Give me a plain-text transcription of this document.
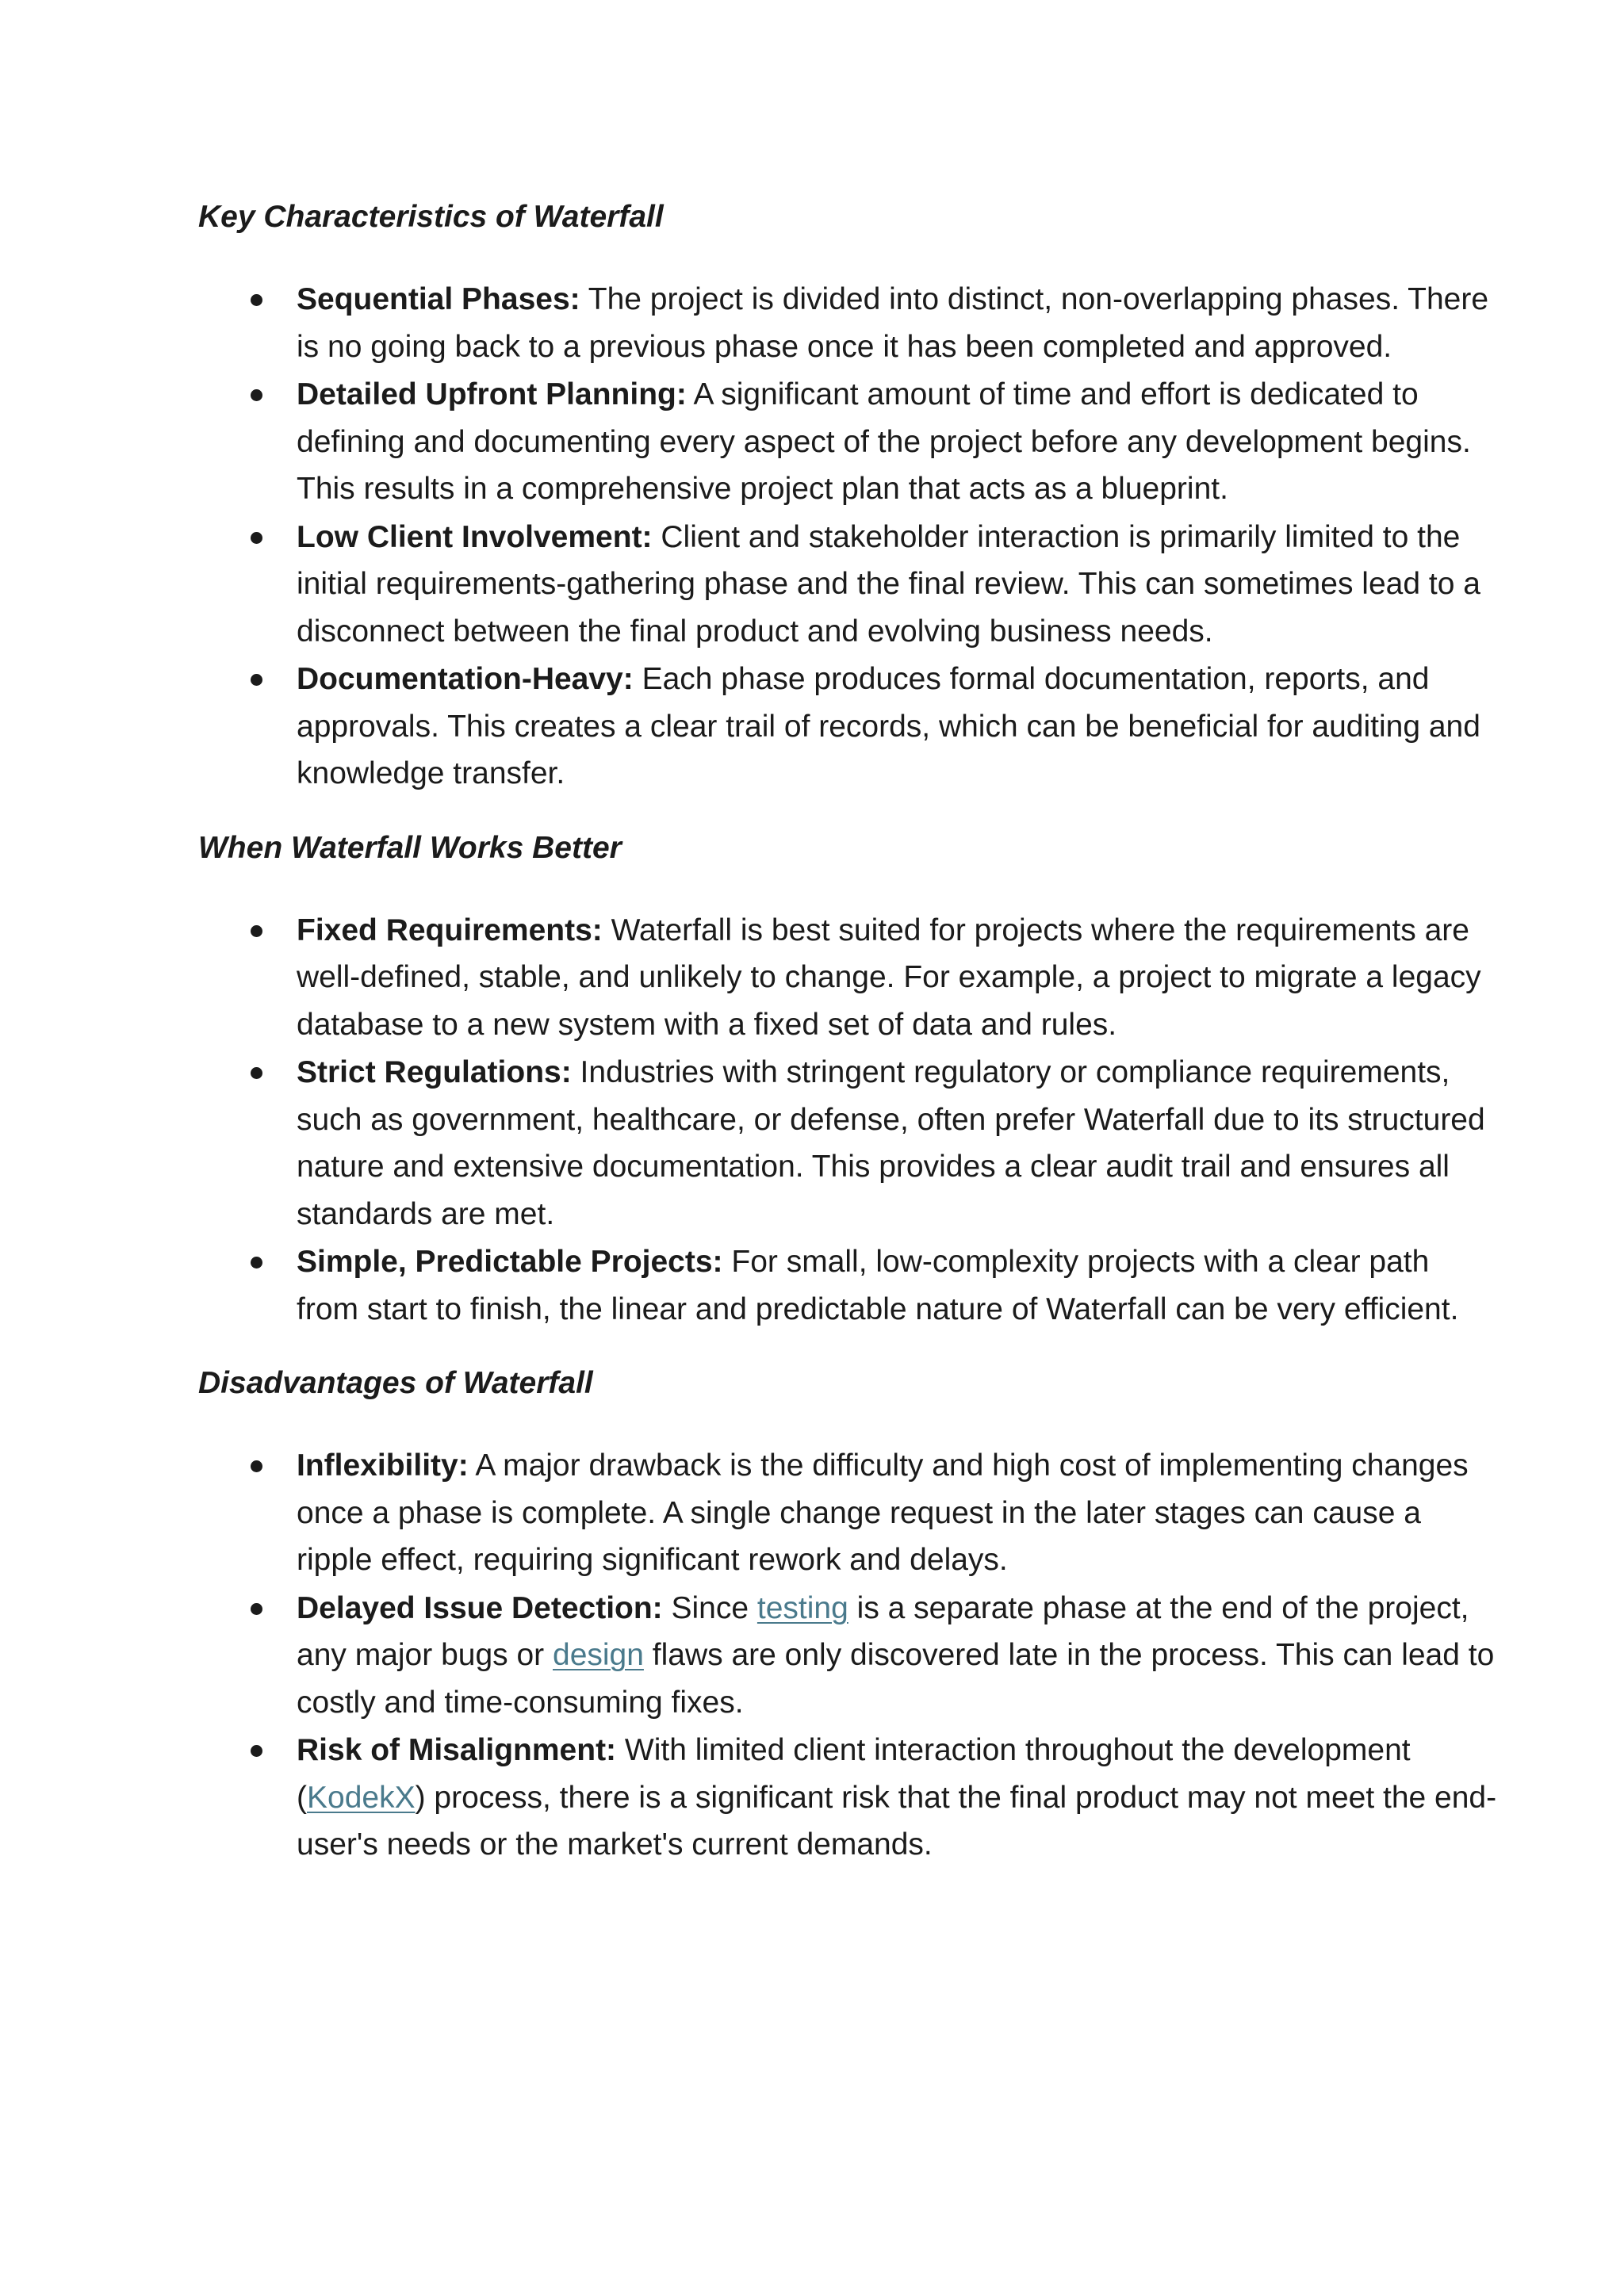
Key Characteristics of Waterfall
Sequential Phases: The project is divided into distinct, non-overlapping phases. There is no going back to a previous phase once it has been completed and approved.
Detailed Upfront Planning: A significant amount of time and effort is dedicated to defining and documenting every aspect of the project before any development begins. This results in a comprehensive project plan that acts as a blueprint.
Low Client Involvement: Client and stakeholder interaction is primarily limited to the initial requirements-gathering phase and the final review. This can sometimes lead to a disconnect between the final product and evolving business needs.
Documentation-Heavy: Each phase produces formal documentation, reports, and approvals. This creates a clear trail of records, which can be beneficial for auditing and knowledge transfer.
When Waterfall Works Better
Fixed Requirements: Waterfall is best suited for projects where the requirements are well-defined, stable, and unlikely to change. For example, a project to migrate a legacy database to a new system with a fixed set of data and rules.
Strict Regulations: Industries with stringent regulatory or compliance requirements, such as government, healthcare, or defense, often prefer Waterfall due to its structured nature and extensive documentation. This provides a clear audit trail and ensures all standards are met.
Simple, Predictable Projects: For small, low-complexity projects with a clear path from start to finish, the linear and predictable nature of Waterfall can be very efficient.
Disadvantages of Waterfall
Inflexibility: A major drawback is the difficulty and high cost of implementing changes once a phase is complete. A single change request in the later stages can cause a ripple effect, requiring significant rework and delays.
Delayed Issue Detection: Since testing is a separate phase at the end of the project, any major bugs or design flaws are only discovered late in the process. This can lead to costly and time-consuming fixes.
Risk of Misalignment: With limited client interaction throughout the development (KodekX) process, there is a significant risk that the final product may not meet the end-user's needs or the market's current demands.
